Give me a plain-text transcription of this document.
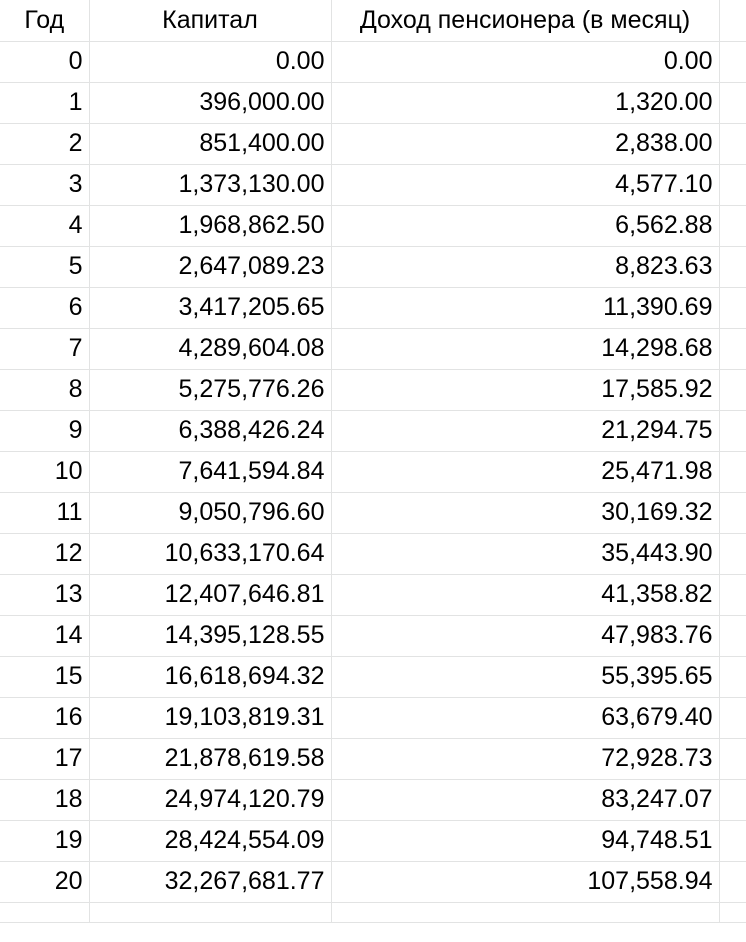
Год	Капитал	Доход пенсионера (в месяц)	
0	0.00	0.00	
1	396,000.00	1,320.00	
2	851,400.00	2,838.00	
3	1,373,130.00	4,577.10	
4	1,968,862.50	6,562.88	
5	2,647,089.23	8,823.63	
6	3,417,205.65	11,390.69	
7	4,289,604.08	14,298.68	
8	5,275,776.26	17,585.92	
9	6,388,426.24	21,294.75	
10	7,641,594.84	25,471.98	
11	9,050,796.60	30,169.32	
12	10,633,170.64	35,443.90	
13	12,407,646.81	41,358.82	
14	14,395,128.55	47,983.76	
15	16,618,694.32	55,395.65	
16	19,103,819.31	63,679.40	
17	21,878,619.58	72,928.73	
18	24,974,120.79	83,247.07	
19	28,424,554.09	94,748.51	
20	32,267,681.77	107,558.94	
